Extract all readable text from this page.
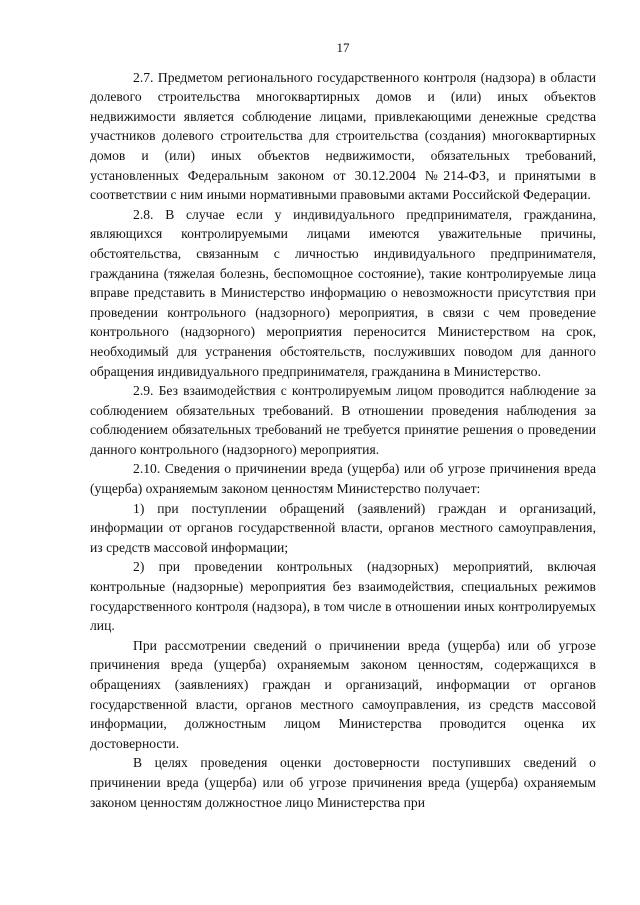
17

2.7. Предметом регионального государственного контроля (надзора) в области долевого строительства многоквартирных домов и (или) иных объектов недвижимости является соблюдение лицами, привлекающими денежные средства участников долевого строительства для строительства (создания) многоквартирных домов и (или) иных объектов недвижимости, обязательных требований, установленных Федеральным законом от 30.12.2004 №214-ФЗ, и принятыми в соответствии с ним иными нормативными правовыми актами Российской Федерации.

2.8. В случае если у индивидуального предпринимателя, гражданина, являющихся контролируемыми лицами имеются уважительные причины, обстоятельства, связанным с личностью индивидуального предпринимателя, гражданина (тяжелая болезнь, беспомощное состояние), такие контролируемые лица вправе представить в Министерство информацию о невозможности присутствия при проведении контрольного (надзорного) мероприятия, в связи с чем проведение контрольного (надзорного) мероприятия переносится Министерством на срок, необходимый для устранения обстоятельств, послуживших поводом для данного обращения индивидуального предпринимателя, гражданина в Министерство.

2.9. Без взаимодействия с контролируемым лицом проводится наблюдение за соблюдением обязательных требований. В отношении проведения наблюдения за соблюдением обязательных требований не требуется принятие решения о проведении данного контрольного (надзорного) мероприятия.

2.10. Сведения о причинении вреда (ущерба) или об угрозе причинения вреда (ущерба) охраняемым законом ценностям Министерство получает:

1) при поступлении обращений (заявлений) граждан и организаций, информации от органов государственной власти, органов местного самоуправления, из средств массовой информации;

2) при проведении контрольных (надзорных) мероприятий, включая контрольные (надзорные) мероприятия без взаимодействия, специальных режимов государственного контроля (надзора), в том числе в отношении иных контролируемых лиц.

При рассмотрении сведений о причинении вреда (ущерба) или об угрозе причинения вреда (ущерба) охраняемым законом ценностям, содержащихся в обращениях (заявлениях) граждан и организаций, информации от органов государственной власти, органов местного самоуправления, из средств массовой информации, должностным лицом Министерства проводится оценка их достоверности.

В целях проведения оценки достоверности поступивших сведений о причинении вреда (ущерба) или об угрозе причинения вреда (ущерба) охраняемым законом ценностям должностное лицо Министерства при
